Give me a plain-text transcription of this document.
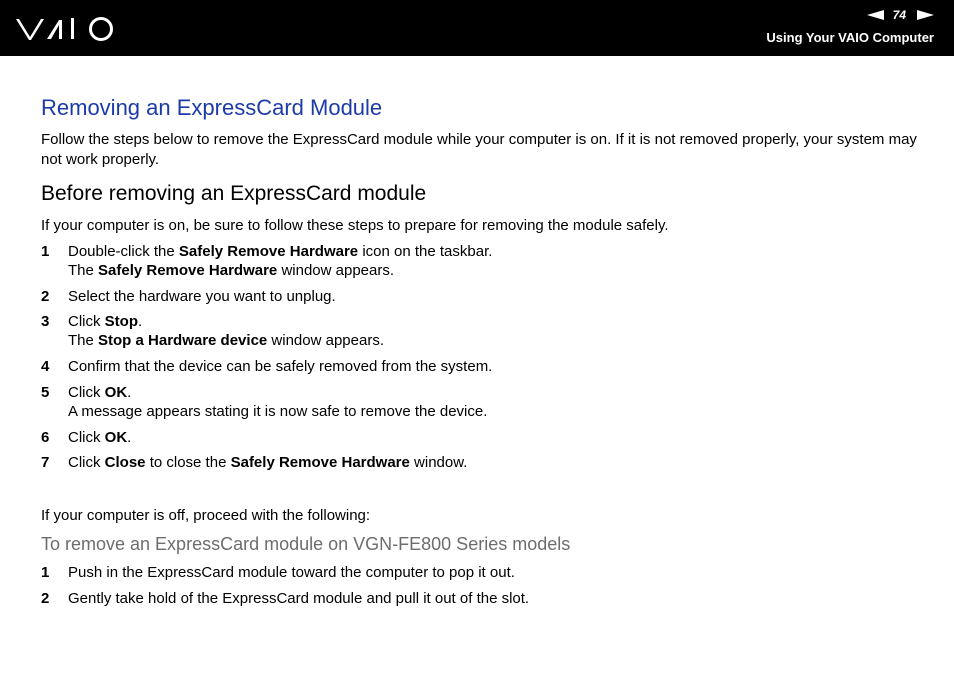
74
Using Your VAIO Computer
Removing an ExpressCard Module

Follow the steps below to remove the ExpressCard module while your computer is on. If it is not removed properly, your system may not work properly.

Before removing an ExpressCard module

If your computer is on, be sure to follow these steps to prepare for removing the module safely.

1 Double-click the Safely Remove Hardware icon on the taskbar.
The Safely Remove Hardware window appears.
2 Select the hardware you want to unplug.
3 Click Stop.
The Stop a Hardware device window appears.
4 Confirm that the device can be safely removed from the system.
5 Click OK.
A message appears stating it is now safe to remove the device.
6 Click OK.
7 Click Close to close the Safely Remove Hardware window.

If your computer is off, proceed with the following:

To remove an ExpressCard module on VGN-FE800 Series models
1 Push in the ExpressCard module toward the computer to pop it out.
2 Gently take hold of the ExpressCard module and pull it out of the slot.
